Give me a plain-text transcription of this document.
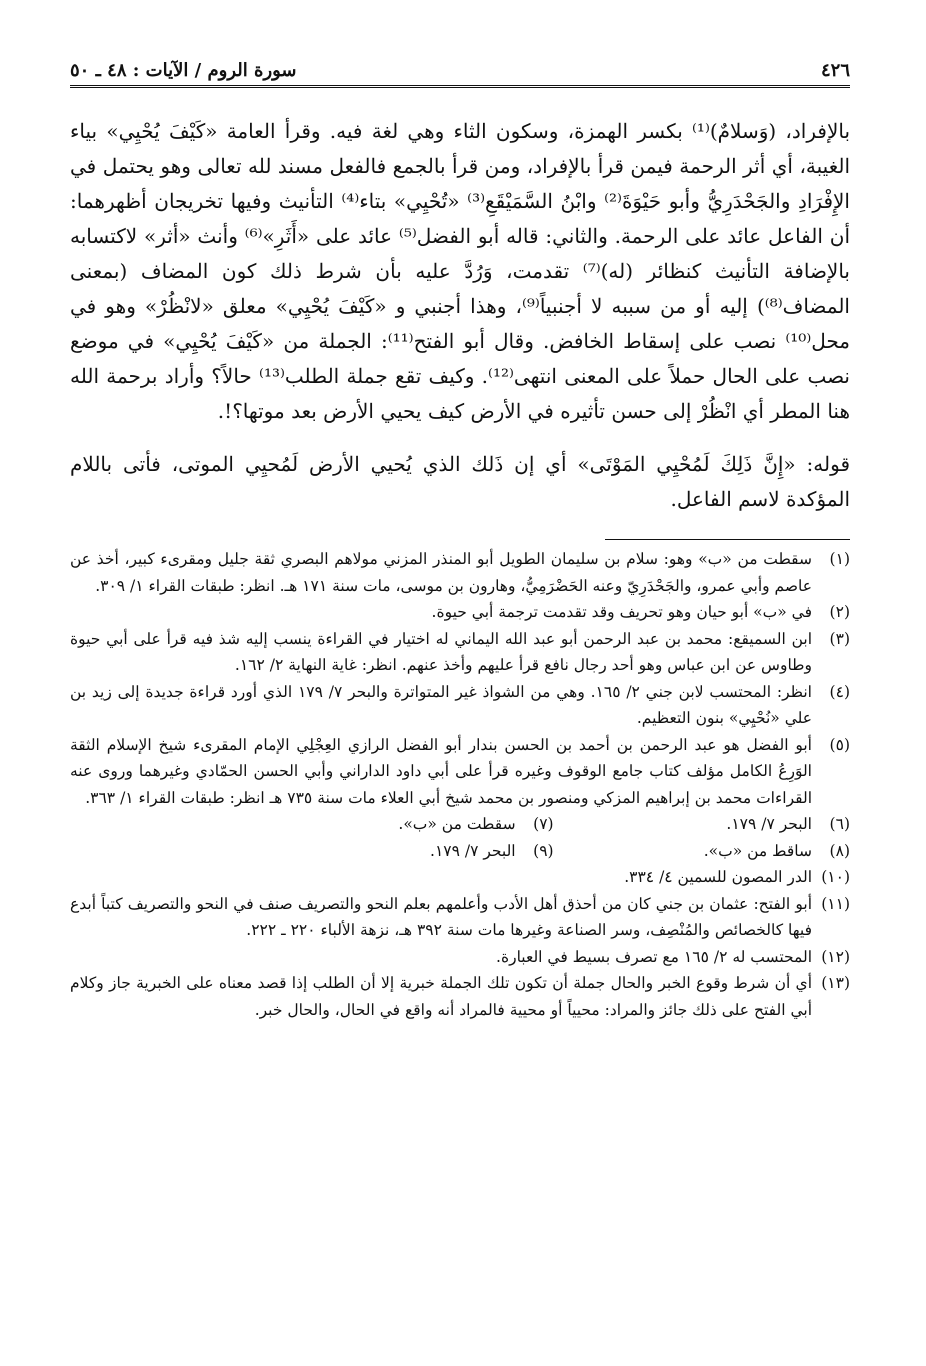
٤٢٦
سورة الروم / الآيات : ٤٨ ـ ٥٠

بالإفراد، (وَسلامٌ)⁽¹⁾ بكسر الهمزة، وسكون الثاء وهي لغة فيه. وقرأ العامة «كَيْفَ يُحْيِي» بياء الغيبة، أي أثر الرحمة فيمن قرأ بالإفراد، ومن قرأ بالجمع فالفعل مسند لله تعالى وهو يحتمل في الإِفْرَادِ والجَحْدَرِيُّ وأبو حَيْوَةَ⁽²⁾ وابْنُ السَّمَيْقَعِ⁽³⁾ «تُحْيِي» بتاء⁽⁴⁾ التأنيث وفيها تخريجان أظهرهما: أن الفاعل عائد على الرحمة. والثاني: قاله أبو الفضل⁽⁵⁾ عائد على «أَثَرِ»⁽⁶⁾ وأنث «أثر» لاكتسابه بالإضافة التأنيث كنظائر (له)⁽⁷⁾ تقدمت، وَرُدَّ عليه بأن شرط ذلك كون المضاف (بمعنى المضاف⁽⁸⁾) إليه أو من سببه لا أجنبياً⁽⁹⁾، وهذا أجنبي و «كَيْفَ يُحْيِي» معلق «لانْظُرْ» وهو في محل⁽¹⁰⁾ نصب على إسقاط الخافض. وقال أبو الفتح⁽¹¹⁾: الجملة من «كَيْفَ يُحْيِي» في موضع نصب على الحال حملاً على المعنى انتهى⁽¹²⁾. وكيف تقع جملة الطلب⁽¹³⁾ حالاً؟ وأراد برحمة الله هنا المطر أي انْظُرْ إلى حسن تأثيره في الأرض كيف يحيي الأرض بعد موتها؟!.

قوله: «إِنَّ ذَلِكَ لَمُحْيِي المَوْتَى» أي إن ذَلك الذي يُحيي الأرض لَمُحيِي الموتى، فأتى باللام المؤكدة لاسم الفاعل.

(١)
سقطت من «ب» وهو: سلام بن سليمان الطويل أبو المنذر المزني مولاهم البصري ثقة جليل ومقرىء كبير، أخذ عن عاصم وأبي عمرو، والجَحْدَرِيّ وعنه الحَضْرَمِيُّ، وهارون بن موسى، مات سنة ١٧١ هـ. انظر: طبقات القراء ١/ ٣٠٩.
(٢)
في «ب» أبو حيان وهو تحريف وقد تقدمت ترجمة أبي حيوة.
(٣)
ابن السميقع: محمد بن عبد الرحمن أبو عبد الله اليماني له اختيار في القراءة ينسب إليه شذ فيه قرأ على أبي حيوة وطاوس عن ابن عباس وهو أحد رجال نافع قرأ عليهم وأخذ عنهم. انظر: غاية النهاية ٢/ ١٦٢.
(٤)
انظر: المحتسب لابن جني ٢/ ١٦٥. وهي من الشواذ غير المتواترة والبحر ٧/ ١٧٩ الذي أورد قراءة جديدة إلى زيد بن علي «نُحْيِي» بنون التعظيم.
(٥)
أبو الفضل هو عبد الرحمن بن أحمد بن الحسن بندار أبو الفضل الرازي العِجْلِي الإمام المقرىء شيخ الإسلام الثقة الوَرِعُ الكامل مؤلف كتاب جامع الوقوف وغيره قرأ على أبي داود الداراني وأبي الحسن الحمّادي وغيرهما وروى عنه القراءات محمد بن إبراهيم المزكي ومنصور بن محمد شيخ أبي العلاء مات سنة ٧٣٥ هـ انظر: طبقات القراء ١/ ٣٦٣.
(٦)
البحر ٧/ ١٧٩.
(٧)
سقطت من «ب».
(٨)
ساقط من «ب».
(٩)
البحر ٧/ ١٧٩.
(١٠)
الدر المصون للسمين ٤/ ٣٣٤.
(١١)
أبو الفتح: عثمان بن جني كان من أحذق أهل الأدب وأعلمهم بعلم النحو والتصريف صنف في النحو والتصريف كتباً أبدع فيها كالخصائص والمُنْصِف، وسر الصناعة وغيرها مات سنة ٣٩٢ هـ، نزهة الألباء ٢٢٠ ـ ٢٢٢.
(١٢)
المحتسب له ٢/ ١٦٥ مع تصرف بسيط في العبارة.
(١٣)
أي أن شرط وقوع الخبر والحال جملة أن تكون تلك الجملة خبرية إلا أن الطلب إذا قصد معناه على الخبرية جاز وكلام أبي الفتح على ذلك جائز والمراد: محيياً أو محيية فالمراد أنه واقع في الحال، والحال خبر.
